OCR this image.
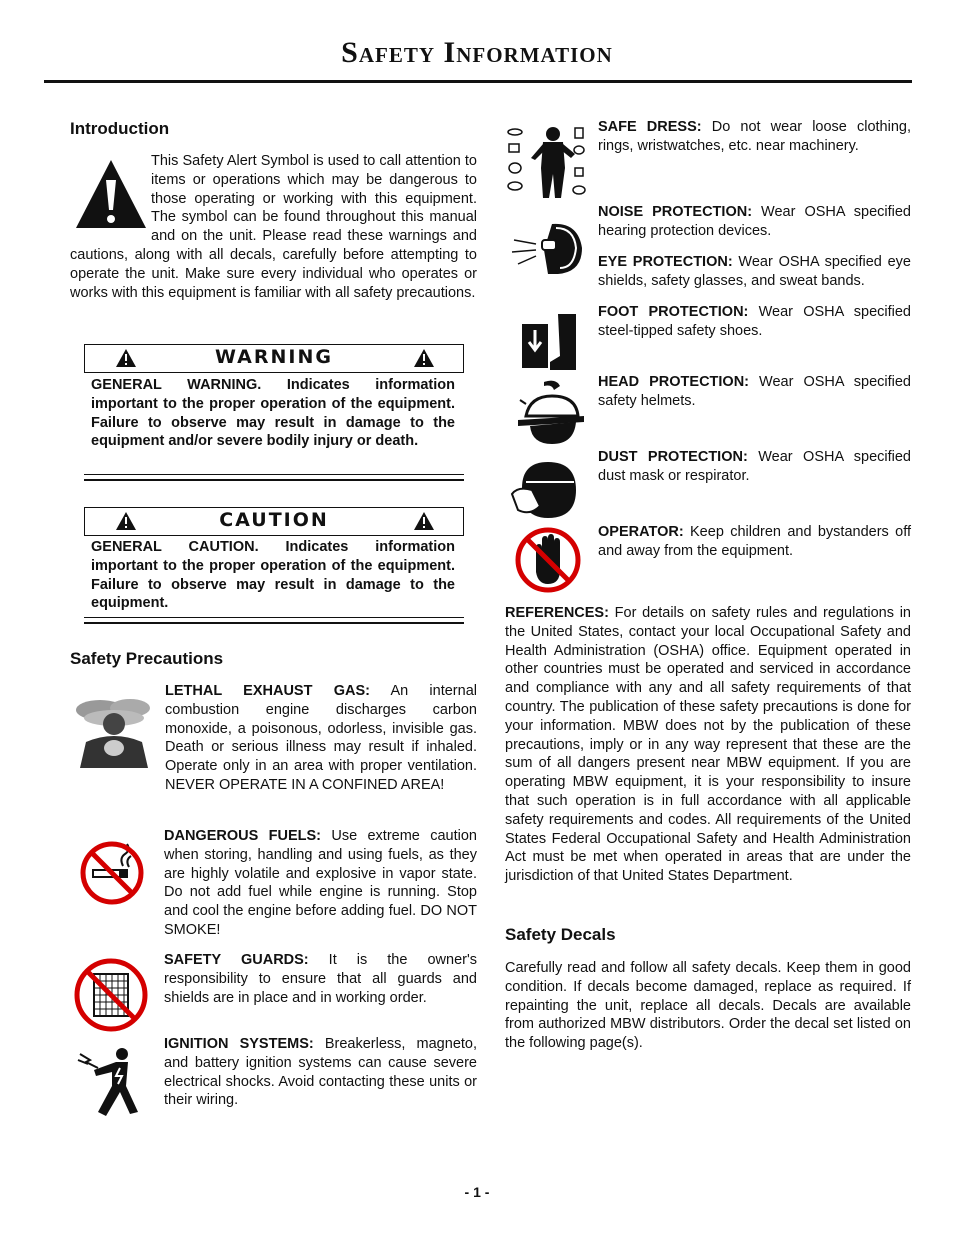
Safety Information
Introduction
This Safety Alert Symbol is used to call attention to items or operations which may be dangerous to those operating or working with this equipment. The symbol can be found throughout this manual and on the unit. Please read these warnings and cautions, along with all decals, carefully before attempting to operate the unit. Make sure every individual who operates or works with this equipment is familiar with all safety precautions.
WARNING
GENERAL WARNING. Indicates information important to the proper operation of the equipment. Failure to observe may result in damage to the equipment and/or severe bodily injury or death.
CAUTION
GENERAL CAUTION. Indicates information important to the proper operation of the equipment. Failure to observe may result in damage to the equipment.
Safety Precautions
LETHAL EXHAUST GAS: An internal combustion engine discharges carbon monoxide, a poisonous, odorless, invisible gas. Death or serious illness may result if inhaled. Operate only in an area with proper ventilation. NEVER OPERATE IN A CONFINED AREA!
DANGEROUS FUELS: Use extreme caution when storing, handling and using fuels, as they are highly volatile and explosive in vapor state. Do not add fuel while engine is running. Stop and cool the engine before adding fuel. DO NOT SMOKE!
SAFETY GUARDS: It is the owner's responsibility to ensure that all guards and shields are in place and in working order.
IGNITION SYSTEMS: Breakerless, magneto, and battery ignition systems can cause severe electrical shocks. Avoid contacting these units or their wiring.
SAFE DRESS: Do not wear loose clothing, rings, wristwatches, etc. near machinery.
NOISE PROTECTION: Wear OSHA specified hearing protection devices.
EYE PROTECTION: Wear OSHA specified eye shields, safety glasses, and sweat bands.
FOOT PROTECTION: Wear OSHA specified steel-tipped safety shoes.
HEAD PROTECTION: Wear OSHA specified safety helmets.
DUST PROTECTION: Wear OSHA specified dust mask or respirator.
OPERATOR: Keep children and bystanders off and away from the equipment.
REFERENCES: For details on safety rules and regulations in the United States, contact your local Occupational Safety and Health Administration (OSHA) office. Equipment operated in other countries must be operated and serviced in accordance and compliance with any and all safety requirements of that country. The publication of these safety precautions is done for your information. MBW does not by the publication of these precautions, imply or in any way represent that these are the sum of all dangers present near MBW equipment. If you are operating MBW equipment, it is your responsibility to insure that such operation is in full accordance with all applicable safety requirements and codes. All requirements of the United States Federal Occupational Safety and Health Administration Act must be met when operated in areas that are under the jurisdiction of that United States Department.
Safety Decals
Carefully read and follow all safety decals. Keep them in good condition. If decals become damaged, replace as required. If repainting the unit, replace all decals. Decals are available from authorized MBW distributors. Order the decal set listed on the following page(s).
- 1 -
